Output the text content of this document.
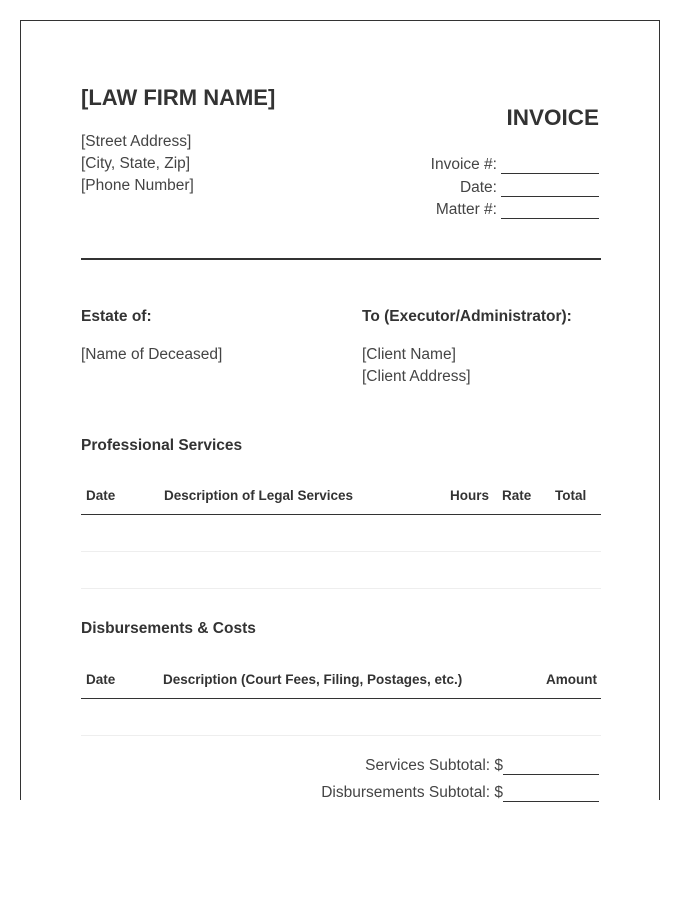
[LAW FIRM NAME]
[Street Address]
[City, State, Zip]
[Phone Number]
INVOICE
Invoice #:
Date:
Matter #:
Estate of:
[Name of Deceased]
To (Executor/Administrator):
[Client Name]
[Client Address]
Professional Services
Date	Description of Legal Services	Hours Rate Total
Disbursements & Costs
Date	Description (Court Fees, Filing, Postages, etc.)	Amount
Services Subtotal: $
Disbursements Subtotal: $
